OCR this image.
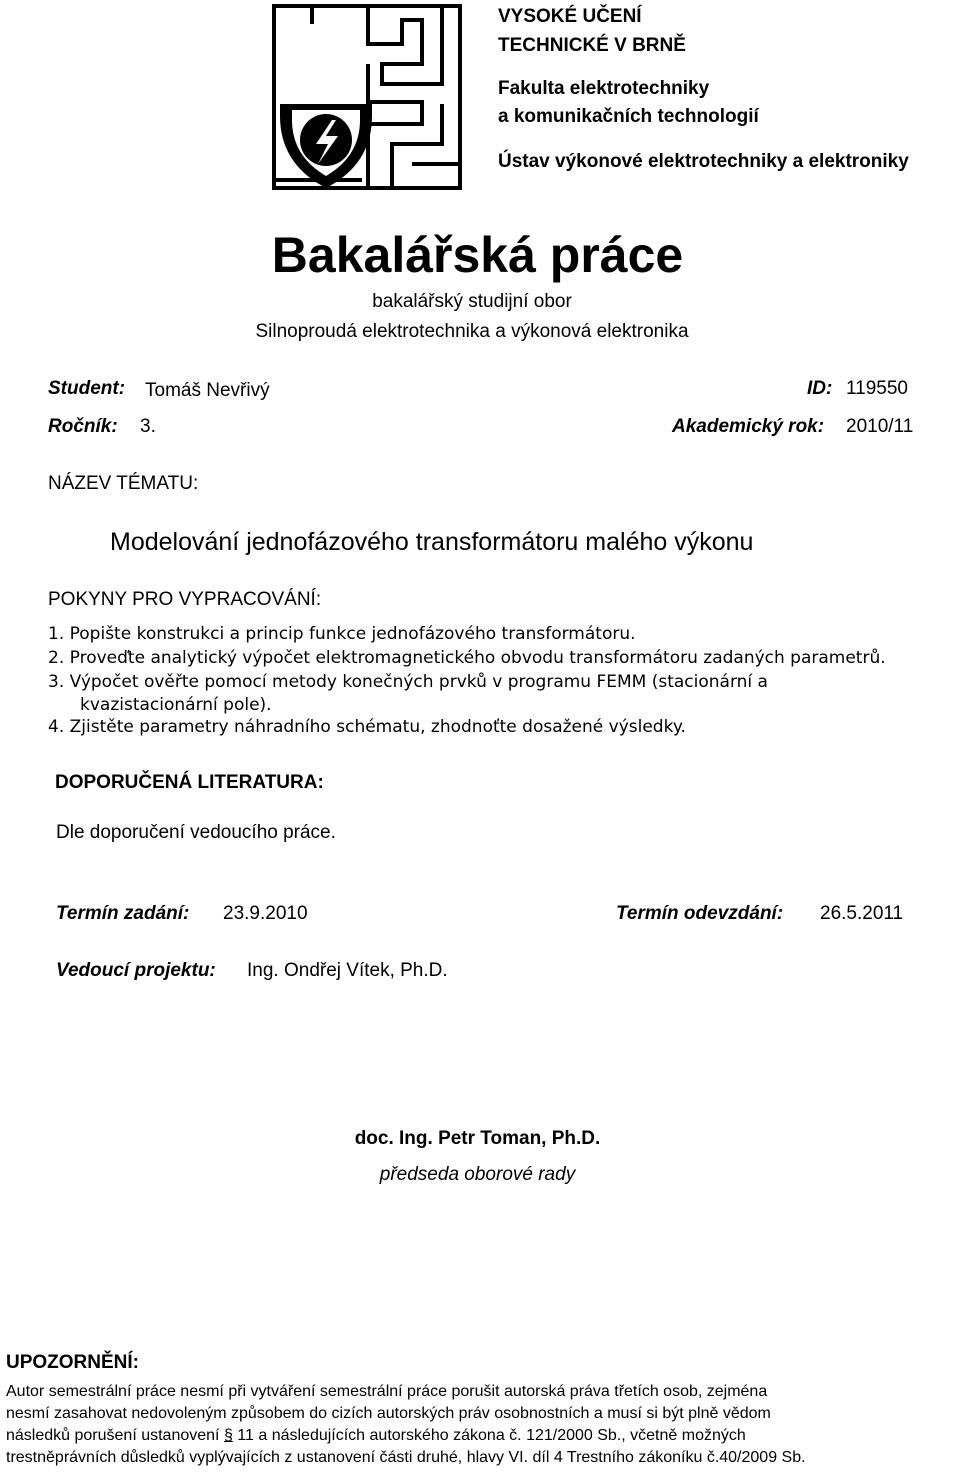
VYSOKÉ UČENÍ
TECHNICKÉ V BRNĚ
Fakulta elektrotechniky
a komunikačních technologií
Ústav výkonové elektrotechniky a elektroniky
Bakalářská práce
bakalářský studijní obor
Silnoproudá elektrotechnika a výkonová elektronika
Student: Tomáš Nevřivý	ID: 119550
Ročník: 3.	Akademický rok: 2010/11
NÁZEV TÉMATU:
Modelování jednofázového transformátoru malého výkonu
POKYNY PRO VYPRACOVÁNÍ:
1. Popište konstrukci a princip funkce jednofázového transformátoru.
2. Proveďte analytický výpočet elektromagnetického obvodu transformátoru zadaných parametrů.
3. Výpočet ověřte pomocí metody konečných prvků v programu FEMM (stacionární a
kvazistacionární pole).
4. Zjistěte parametry náhradního schématu, zhodnoťte dosažené výsledky.
DOPORUČENÁ LITERATURA:
Dle doporučení vedoucího práce.
Termín zadání: 23.9.2010	Termín odevzdání: 26.5.2011
Vedoucí projektu: Ing. Ondřej Vítek, Ph.D.
doc. Ing. Petr Toman, Ph.D.
předseda oborové rady
UPOZORNĚNÍ:
Autor semestrální práce nesmí při vytváření semestrální práce porušit autorská práva třetích osob, zejména
nesmí zasahovat nedovoleným způsobem do cizích autorských práv osobnostních a musí si být plně vědom
následků porušení ustanovení § 11 a následujících autorského zákona č. 121/2000 Sb., včetně možných
trestněprávních důsledků vyplývajících z ustanovení části druhé, hlavy VI. díl 4 Trestního zákoníku č.40/2009 Sb.
